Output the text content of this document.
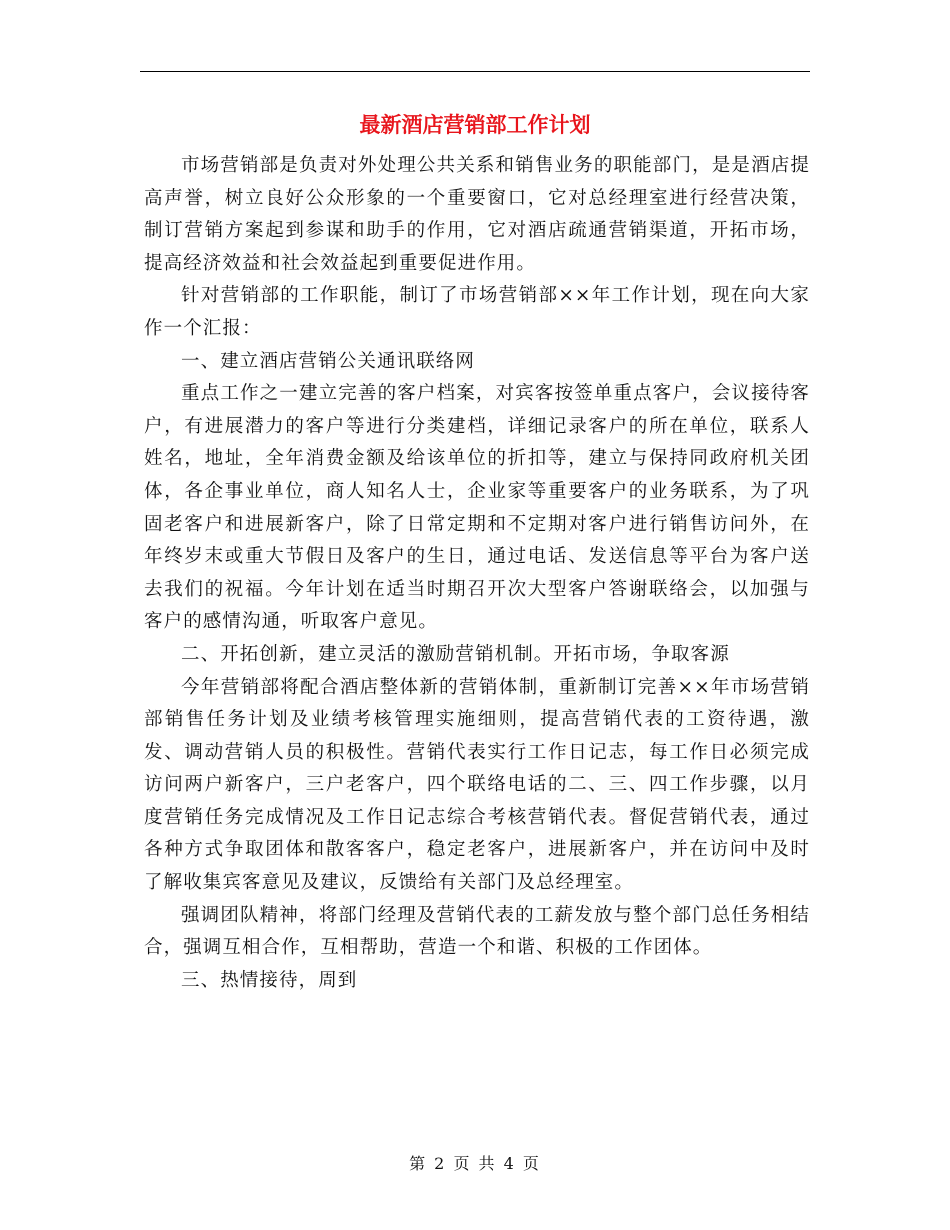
最新酒店营销部工作计划

市场营销部是负责对外处理公共关系和销售业务的职能部门，是是酒店提高声誉，树立良好公众形象的一个重要窗口，它对总经理室进行经营决策，制订营销方案起到参谋和助手的作用，它对酒店疏通营销渠道，开拓市场，提高经济效益和社会效益起到重要促进作用。

针对营销部的工作职能，制订了市场营销部××年工作计划，现在向大家作一个汇报：

一、建立酒店营销公关通讯联络网

重点工作之一建立完善的客户档案，对宾客按签单重点客户，会议接待客户，有进展潜力的客户等进行分类建档，详细记录客户的所在单位，联系人姓名，地址，全年消费金额及给该单位的折扣等，建立与保持同政府机关团体，各企事业单位，商人知名人士，企业家等重要客户的业务联系，为了巩固老客户和进展新客户，除了日常定期和不定期对客户进行销售访问外，在年终岁末或重大节假日及客户的生日，通过电话、发送信息等平台为客户送去我们的祝福。今年计划在适当时期召开次大型客户答谢联络会，以加强与客户的感情沟通，听取客户意见。

二、开拓创新，建立灵活的激励营销机制。开拓市场，争取客源

今年营销部将配合酒店整体新的营销体制，重新制订完善××年市场营销部销售任务计划及业绩考核管理实施细则，提高营销代表的工资待遇，激发、调动营销人员的积极性。营销代表实行工作日记志，每工作日必须完成访问两户新客户，三户老客户，四个联络电话的二、三、四工作步骤，以月度营销任务完成情况及工作日记志综合考核营销代表。督促营销代表，通过各种方式争取团体和散客客户，稳定老客户，进展新客户，并在访问中及时了解收集宾客意见及建议，反馈给有关部门及总经理室。

强调团队精神，将部门经理及营销代表的工薪发放与整个部门总任务相结合，强调互相合作，互相帮助，营造一个和谐、积极的工作团体。

三、热情接待，周到

第 2 页 共 4 页
